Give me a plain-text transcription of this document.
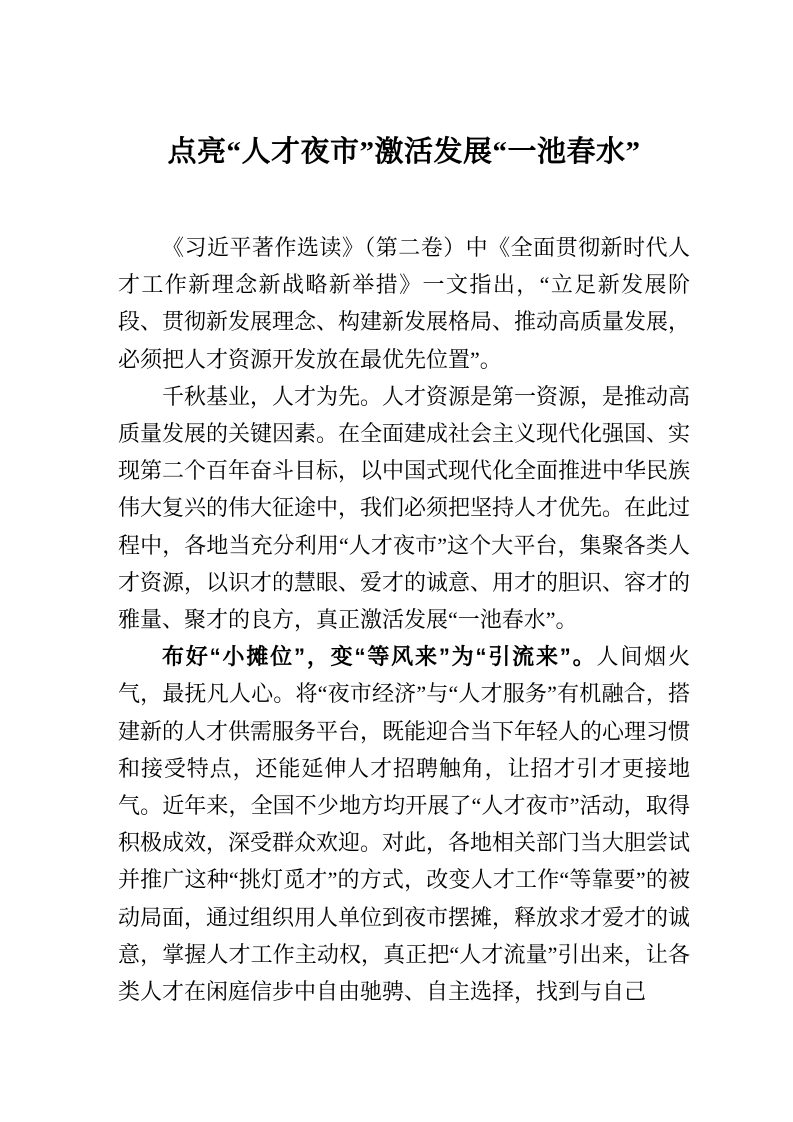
点亮“人才夜市”激活发展“一池春水”

《习近平著作选读》（第二卷）中《全面贯彻新时代人才工作新理念新战略新举措》一文指出，“立足新发展阶段、贯彻新发展理念、构建新发展格局、推动高质量发展，必须把人才资源开发放在最优先位置”。

千秋基业，人才为先。人才资源是第一资源，是推动高质量发展的关键因素。在全面建成社会主义现代化强国、实现第二个百年奋斗目标，以中国式现代化全面推进中华民族伟大复兴的伟大征途中，我们必须把坚持人才优先。在此过程中，各地当充分利用“人才夜市”这个大平台，集聚各类人才资源，以识才的慧眼、爱才的诚意、用才的胆识、容才的雅量、聚才的良方，真正激活发展“一池春水”。

布好“小摊位”，变“等风来”为“引流来”。人间烟火气，最抚凡人心。将“夜市经济”与“人才服务”有机融合，搭建新的人才供需服务平台，既能迎合当下年轻人的心理习惯和接受特点，还能延伸人才招聘触角，让招才引才更接地气。近年来，全国不少地方均开展了“人才夜市”活动，取得积极成效，深受群众欢迎。对此，各地相关部门当大胆尝试并推广这种“挑灯觅才”的方式，改变人才工作“等靠要”的被动局面，通过组织用人单位到夜市摆摊，释放求才爱才的诚意，掌握人才工作主动权，真正把“人才流量”引出来，让各类人才在闲庭信步中自由驰骋、自主选择，找到与自己
